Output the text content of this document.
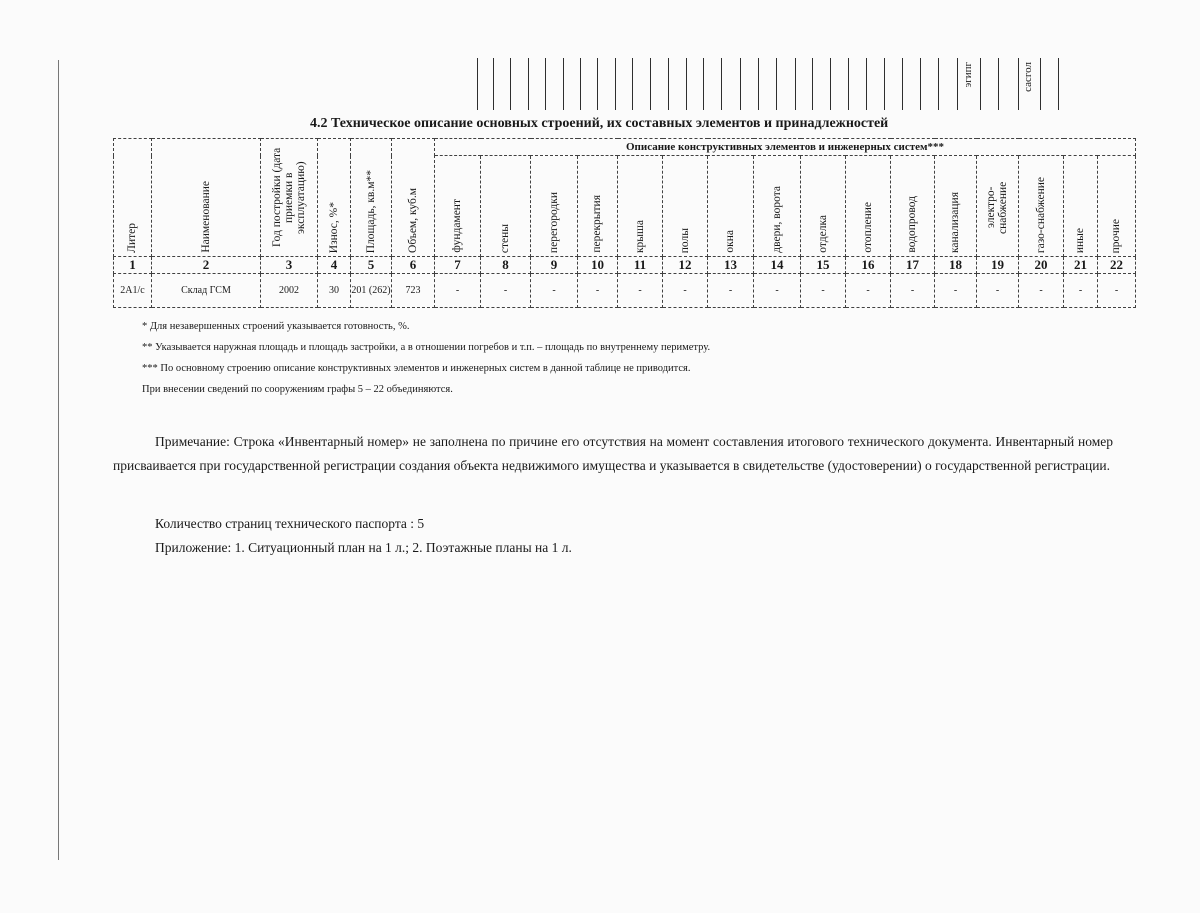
эгипг	сасгол
4.2 Техническое описание основных строений, их составных элементов и принадлежностей
Литер	Наименование	Год постройки (дата приемки в эксплуатацию)	Износ, %*	Площадь, кв.м**	Объем, куб.м	Описание конструктивных элементов и инженерных систем***															
						фундамент	стены	перегородки	перекрытия	крыша	полы	окна	двери, ворота	отделка	отопление	водопровод	канализация	электро-снабжение	газо-снабжение	иные	прочие
1	2	3	4	5	6	7	8	9	10	11	12	13	14	15	16	17	18	19	20	21	22
2А1/с	Склад ГСМ	2002	30	201 (262)	723	-	-	-	-	-	-	-	-	-	-	-	-	-	-	-	-
* Для незавершенных строений указывается готовность, %.
** Указывается наружная площадь и площадь застройки, а в отношении погребов и т.п. – площадь по внутреннему периметру.
*** По основному строению описание конструктивных элементов и инженерных систем в данной таблице не приводится.
При внесении сведений по сооружениям графы 5 – 22 объединяются.
Примечание: Строка «Инвентарный номер» не заполнена по причине его отсутствия на момент составления итогового технического документа. Инвентарный номер присваивается при государственной регистрации создания объекта недвижимого имущества и указывается в свидетельстве (удостоверении) о государственной регистрации.
Количество страниц технического паспорта : 5
Приложение: 1. Ситуационный план на 1 л.; 2. Поэтажные планы на 1 л.
